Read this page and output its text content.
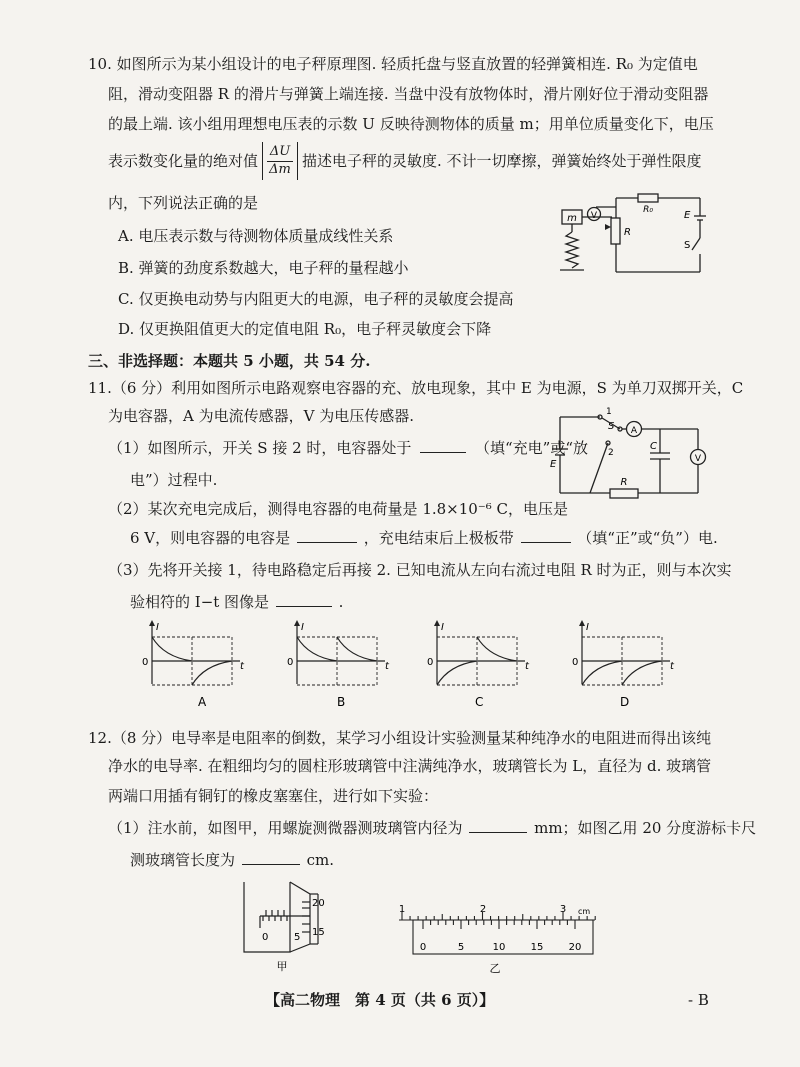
10. 如图所示为某小组设计的电子秤原理图. 轻质托盘与竖直放置的轻弹簧相连. R₀ 为定值电
阻，滑动变阻器 R 的滑片与弹簧上端连接. 当盘中没有放物体时，滑片刚好位于滑动变阻器
的最上端. 该小组用理想电压表的示数 U 反映待测物体的质量 m；用单位质量变化下，电压
表示数变化量的绝对值
ΔU
Δm 描述电子秤的灵敏度. 不计一切摩擦，弹簧始终处于弹性限度
内，下列说法正确的是
A. 电压表示数与待测物体质量成线性关系
B. 弹簧的劲度系数越大，电子秤的量程越小
C. 仅更换电动势与内阻更大的电源，电子秤的灵敏度会提高
D. 仅更换阻值更大的定值电阻 R₀，电子秤灵敏度会下降
m V
R₀
R
E
S
三、非选择题：本题共 5 小题，共 54 分.
11.（6 分）利用如图所示电路观察电容器的充、放电现象，其中 E 为电源，S 为单刀双掷开关，C
为电容器，A 为电流传感器，V 为电压传感器.
（1）如图所示，开关 S 接 2 时，电容器处于	（填“充电”或“放
电”）过程中.
（2）某次充电完成后，测得电容器的电荷量是 1.8×10⁻⁶ C，电压是
6 V，则电容器的电容是	，充电结束后上极板带	（填“正”或“负”）电.
（3）先将开关接 1，待电路稳定后再接 2. 已知电流从左向右流过电阻 R 时为正，则与本次实
验相符的 I−t 图像是	.
1
S
2
A
C
V
E
R
I
0	t
A
I
0	t
B
I
0	t
C
I
0	t
D
12.（8 分）电导率是电阻率的倒数，某学习小组设计实验测量某种纯净水的电阻进而得出该纯
净水的电导率. 在粗细均匀的圆柱形玻璃管中注满纯净水，玻璃管长为 L，直径为 d. 玻璃管
两端口用插有铜钉的橡皮塞塞住，进行如下实验：
（1）注水前，如图甲，用螺旋测微器测玻璃管内径为	mm；如图乙用 20 分度游标卡尺
测玻璃管长度为	cm.
20
15
5
0
甲
1	2	3 cm
0	5	10	15	20
乙
【高二物理　第 4 页（共 6 页）】	- B
